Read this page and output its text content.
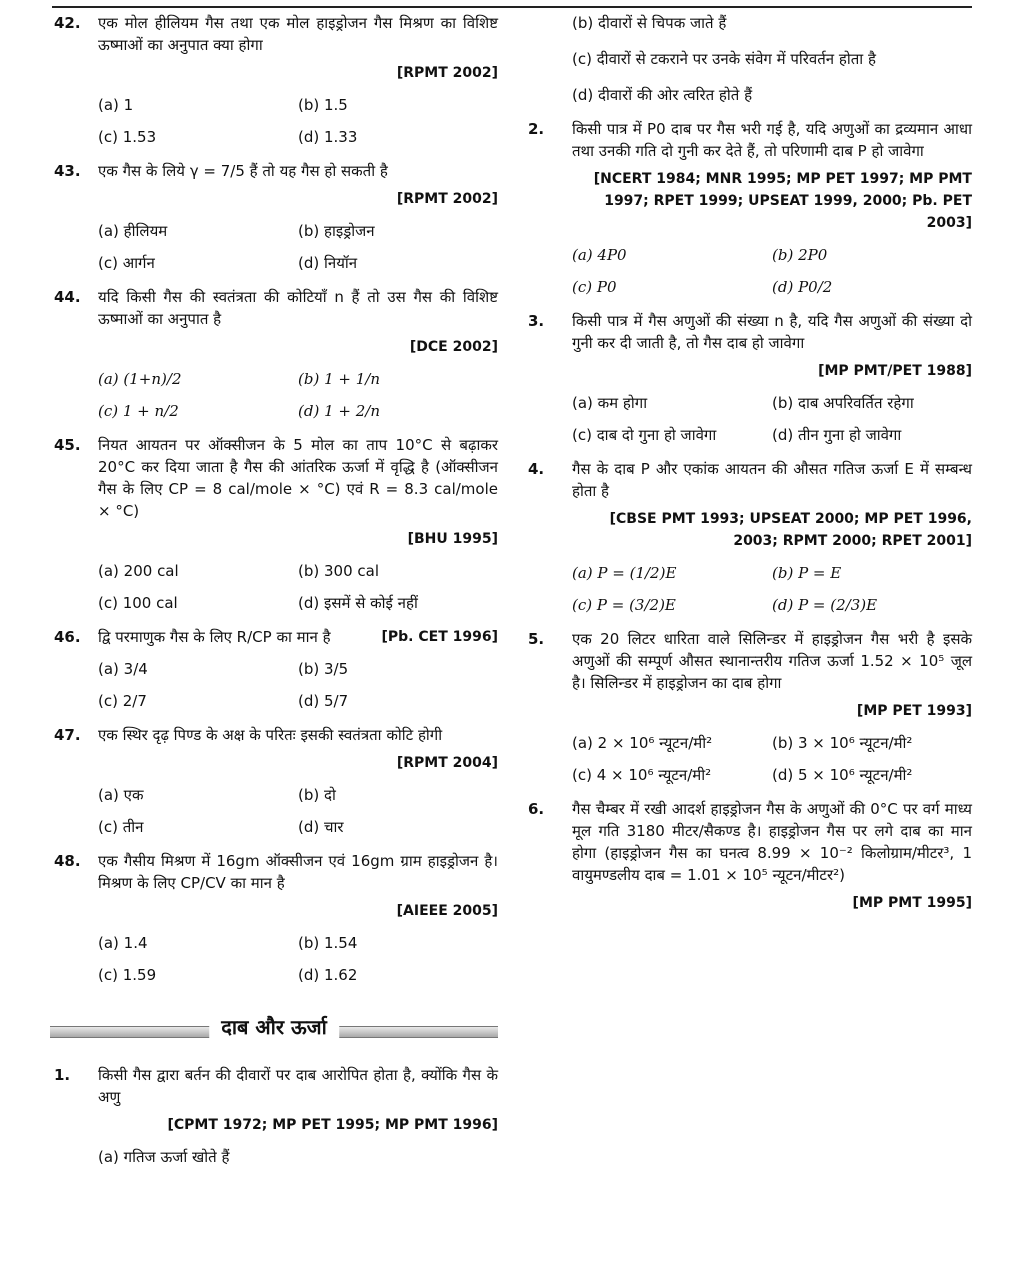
42. एक मोल हीलियम गैस तथा एक मोल हाइड्रोजन गैस मिश्रण का विशिष्ट ऊष्माओं का अनुपात क्या होगा
[RPMT 2002]
(a) 1	(b) 1.5
(c) 1.53	(d) 1.33
43. एक गैस के लिये γ = 7/5 हैं तो यह गैस हो सकती है
[RPMT 2002]
(a) हीलियम	(b) हाइड्रोजन
(c) आर्गन	(d) नियॉन
44. यदि किसी गैस की स्वतंत्रता की कोटियाँ n हैं तो उस गैस की विशिष्ट ऊष्माओं का अनुपात है
[DCE 2002]
(a) (1+n)/2	(b) 1 + 1/n
(c) 1 + n/2	(d) 1 + 2/n
45. नियत आयतन पर ऑक्सीजन के 5 मोल का ताप 10°C से बढ़ाकर 20°C कर दिया जाता है गैस की आंतरिक ऊर्जा में वृद्धि है (ऑक्सीजन गैस के लिए CP = 8 cal/mole × °C) एवं R = 8.3 cal/mole × °C)
[BHU 1995]
(a) 200 cal	(b) 300 cal
(c) 100 cal	(d) इसमें से कोई नहीं
46.	[Pb. CET 1996]
द्वि परमाणुक गैस के लिए R/CP का मान है
(a) 3/4	(b) 3/5
(c) 2/7	(d) 5/7
47. एक स्थिर दृढ़ पिण्ड के अक्ष के परितः इसकी स्वतंत्रता कोटि होगी
[RPMT 2004]
(a) एक	(b) दो
(c) तीन	(d) चार
48. एक गैसीय मिश्रण में 16gm ऑक्सीजन एवं 16gm ग्राम हाइड्रोजन है। मिश्रण के लिए CP/CV का मान है
[AIEEE 2005]
(a) 1.4	(b) 1.54
(c) 1.59	(d) 1.62
दाब और ऊर्जा
1. किसी गैस द्वारा बर्तन की दीवारों पर दाब आरोपित होता है, क्योंकि गैस के अणु
[CPMT 1972; MP PET 1995; MP PMT 1996]
(a) गतिज ऊर्जा खोते हैं
(b) दीवारों से चिपक जाते हैं
(c) दीवारों से टकराने पर उनके संवेग में परिवर्तन होता है
(d) दीवारों की ओर त्वरित होते हैं
2. किसी पात्र में P0 दाब पर गैस भरी गई है, यदि अणुओं का द्रव्यमान आधा तथा उनकी गति दो गुनी कर देते हैं, तो परिणामी दाब P हो जावेगा
[NCERT 1984; MNR 1995; MP PET 1997; MP PMT 1997; RPET 1999; UPSEAT 1999, 2000; Pb. PET 2003]
(a) 4P0	(b) 2P0
(c) P0	(d) P0/2
3. किसी पात्र में गैस अणुओं की संख्या n है, यदि गैस अणुओं की संख्या दो गुनी कर दी जाती है, तो गैस दाब हो जावेगा
[MP PMT/PET 1988]
(a) कम होगा	(b) दाब अपरिवर्तित रहेगा
(c) दाब दो गुना हो जावेगा	(d) तीन गुना हो जावेगा
4. गैस के दाब P और एकांक आयतन की औसत गतिज ऊर्जा E में सम्बन्ध होता है
[CBSE PMT 1993; UPSEAT 2000; MP PET 1996, 2003; RPMT 2000; RPET 2001]
(a) P = (1/2)E	(b) P = E
(c) P = (3/2)E	(d) P = (2/3)E
5. एक 20 लिटर धारिता वाले सिलिन्डर में हाइड्रोजन गैस भरी है इसके अणुओं की सम्पूर्ण औसत स्थानान्तरीय गतिज ऊर्जा 1.52 × 10⁵ जूल है। सिलिन्डर में हाइड्रोजन का दाब होगा
[MP PET 1993]
(a) 2 × 10⁶ न्यूटन/मी²	(b) 3 × 10⁶ न्यूटन/मी²
(c) 4 × 10⁶ न्यूटन/मी²	(d) 5 × 10⁶ न्यूटन/मी²
6. गैस चैम्बर में रखी आदर्श हाइड्रोजन गैस के अणुओं की 0°C पर वर्ग माध्य मूल गति 3180 मीटर/सैकण्ड है। हाइड्रोजन गैस पर लगे दाब का मान होगा (हाइड्रोजन गैस का घनत्व 8.99 × 10⁻² किलोग्राम/मीटर³, 1 वायुमण्डलीय दाब = 1.01 × 10⁵ न्यूटन/मीटर²)
[MP PMT 1995]
